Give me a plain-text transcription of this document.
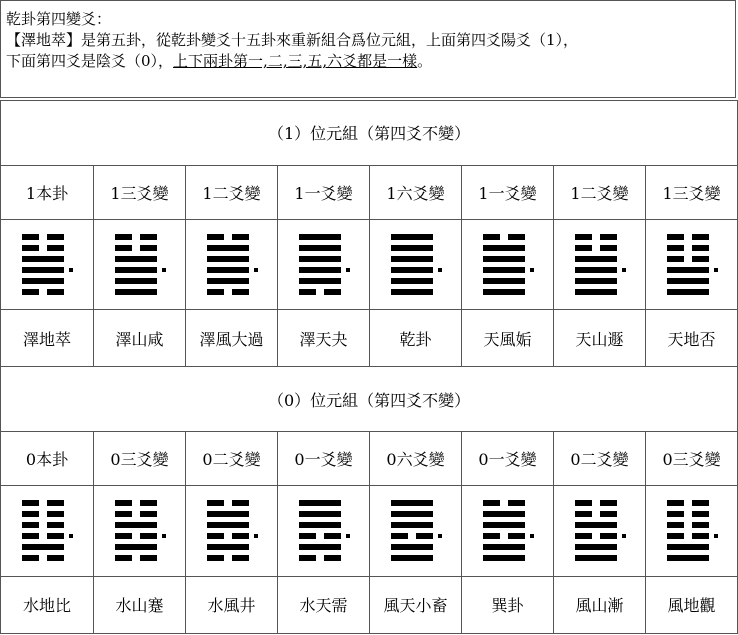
乾卦第四變爻：
【澤地萃】是第五卦，從乾卦變爻十五卦來重新組合爲位元組，上面第四爻陽爻（1），
下面第四爻是陰爻（0），上下兩卦第一,二,三,五,六爻都是一樣。
（1）位元組（第四爻不變）							
1本卦	1三爻變	1二爻變	1一爻變	1六爻變	1一爻變	1二爻變	1三爻變

澤地萃	澤山咸	澤風大過	澤天夬	乾卦	天風姤	天山遯	天地否
（0）位元組（第四爻不變）							
0本卦	0三爻變	0二爻變	0一爻變	0六爻變	0一爻變	0二爻變	0三爻變

水地比	水山蹇	水風井	水天需	風天小畜	巽卦	風山漸	風地觀
